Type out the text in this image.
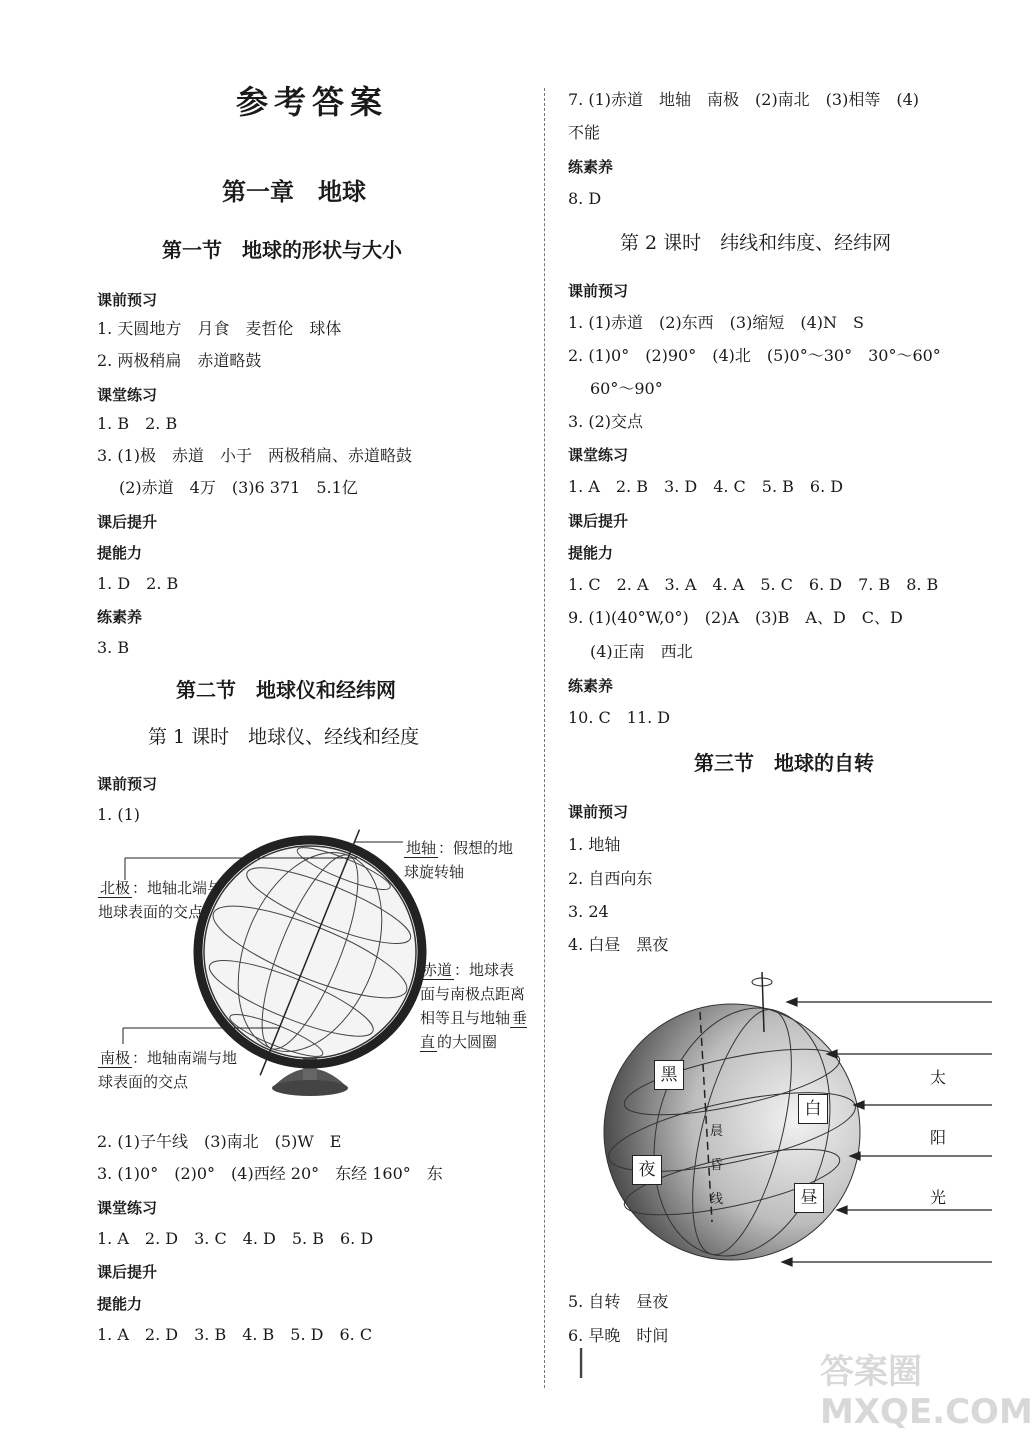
参考答案
第一章　地球
第一节　地球的形状与大小
课前预习
1. 天圆地方　月食　麦哲伦　球体
2. 两极稍扁　赤道略鼓
课堂练习
1. B　2. B
3. (1)极　赤道　小于　两极稍扁、赤道略鼓
(2)赤道　4万　(3)6 371　5.1亿
课后提升
提能力
1. D　2. B
练素养
3. B
第二节　地球仪和经纬网
第 1 课时　地球仪、经线和经度
课前预习
1. (1)
北极 ：地轴北端与地球表面的交点
地轴 ：假想的地球旋转轴
赤道 ：地球表面与南极点距离相等且与地轴 垂直 的大圆圈
南极 ：地轴南端与地球表面的交点
2. (1)子午线　(3)南北　(5)W　E
3. (1)0°　(2)0°　(4)西经 20°　东经 160°　东
课堂练习
1. A　2. D　3. C　4. D　5. B　6. D
课后提升
提能力
1. A　2. D　3. B　4. B　5. D　6. C
7. (1)赤道　地轴　南极　(2)南北　(3)相等　(4)
不能
练素养
8. D
第 2 课时　纬线和纬度、经纬网
课前预习
1. (1)赤道　(2)东西　(3)缩短　(4)N　S
2. (1)0°　(2)90°　(4)北　(5)0°～30°　30°～60°
60°～90°
3. (2)交点
课堂练习
1. A　2. B　3. D　4. C　5. B　6. D
课后提升
提能力
1. C　2. A　3. A　4. A　5. C　6. D　7. B　8. B
9. (1)(40°W,0°)　(2)A　(3)B　A、D　C、D
(4)正南　西北
练素养
10. C　11. D
第三节　地球的自转
课前预习
1. 地轴
2. 自西向东
3. 24
4. 白昼　黑夜
黑
夜
白
昼
晨昏线
太
阳
光
5. 自转　昼夜
6. 早晚　时间
|	答案圈 MXQE.COM
